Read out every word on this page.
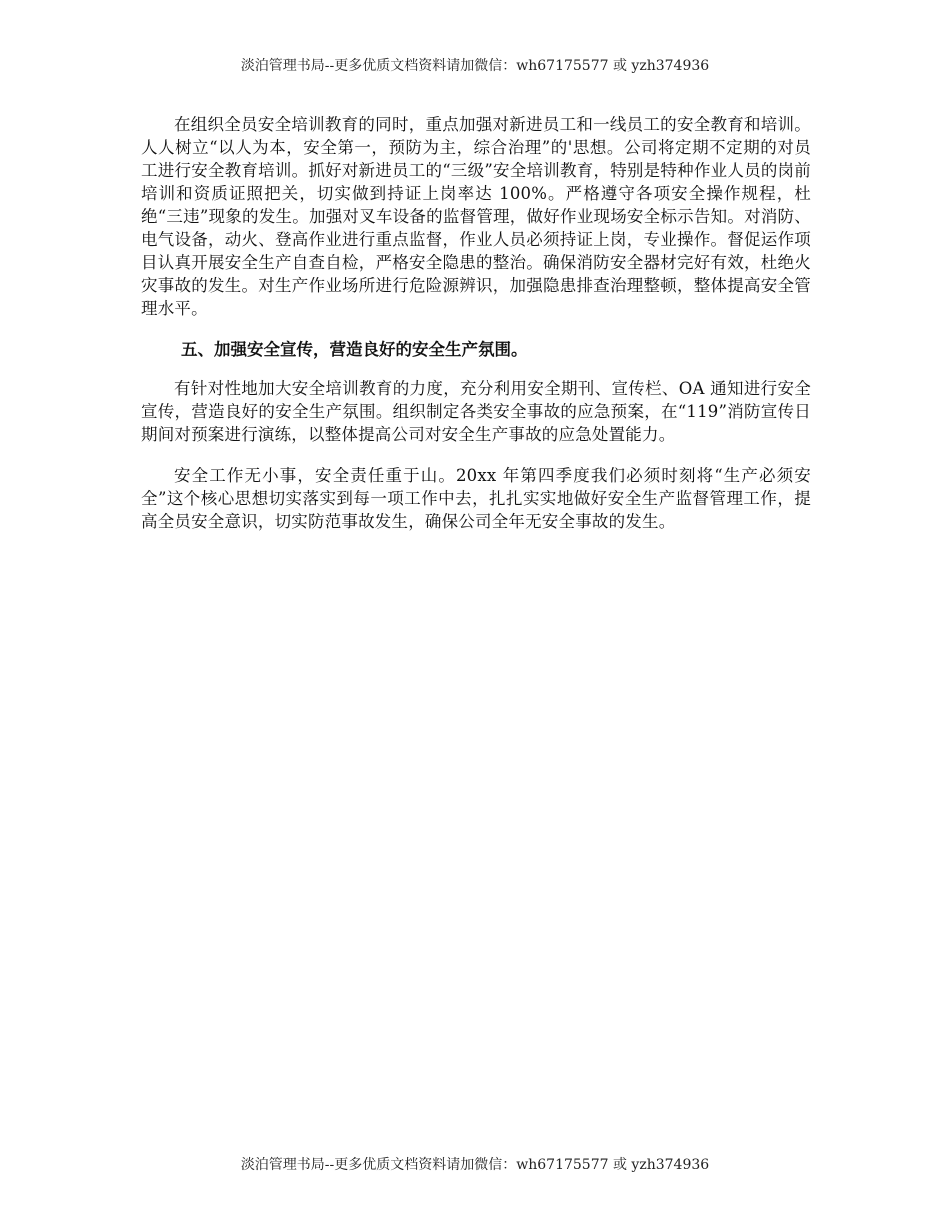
淡泊管理书局--更多优质文档资料请加微信：wh67175577 或 yzh374936

在组织全员安全培训教育的同时，重点加强对新进员工和一线员工的安全教育和培训。人人树立“以人为本，安全第一，预防为主，综合治理”的'思想。公司将定期不定期的对员工进行安全教育培训。抓好对新进员工的“三级”安全培训教育，特别是特种作业人员的岗前培训和资质证照把关，切实做到持证上岗率达 100%。严格遵守各项安全操作规程，杜绝“三违”现象的发生。加强对叉车设备的监督管理，做好作业现场安全标示告知。对消防、电气设备，动火、登高作业进行重点监督，作业人员必须持证上岗，专业操作。督促运作项目认真开展安全生产自查自检，严格安全隐患的整治。确保消防安全器材完好有效，杜绝火灾事故的发生。对生产作业场所进行危险源辨识，加强隐患排查治理整顿，整体提高安全管理水平。

五、加强安全宣传，营造良好的安全生产氛围。

有针对性地加大安全培训教育的力度，充分利用安全期刊、宣传栏、OA 通知进行安全宣传，营造良好的安全生产氛围。组织制定各类安全事故的应急预案，在“119”消防宣传日期间对预案进行演练，以整体提高公司对安全生产事故的应急处置能力。

安全工作无小事，安全责任重于山。20xx 年第四季度我们必须时刻将“生产必须安全”这个核心思想切实落实到每一项工作中去，扎扎实实地做好安全生产监督管理工作，提高全员安全意识，切实防范事故发生，确保公司全年无安全事故的发生。

淡泊管理书局--更多优质文档资料请加微信：wh67175577 或 yzh374936
